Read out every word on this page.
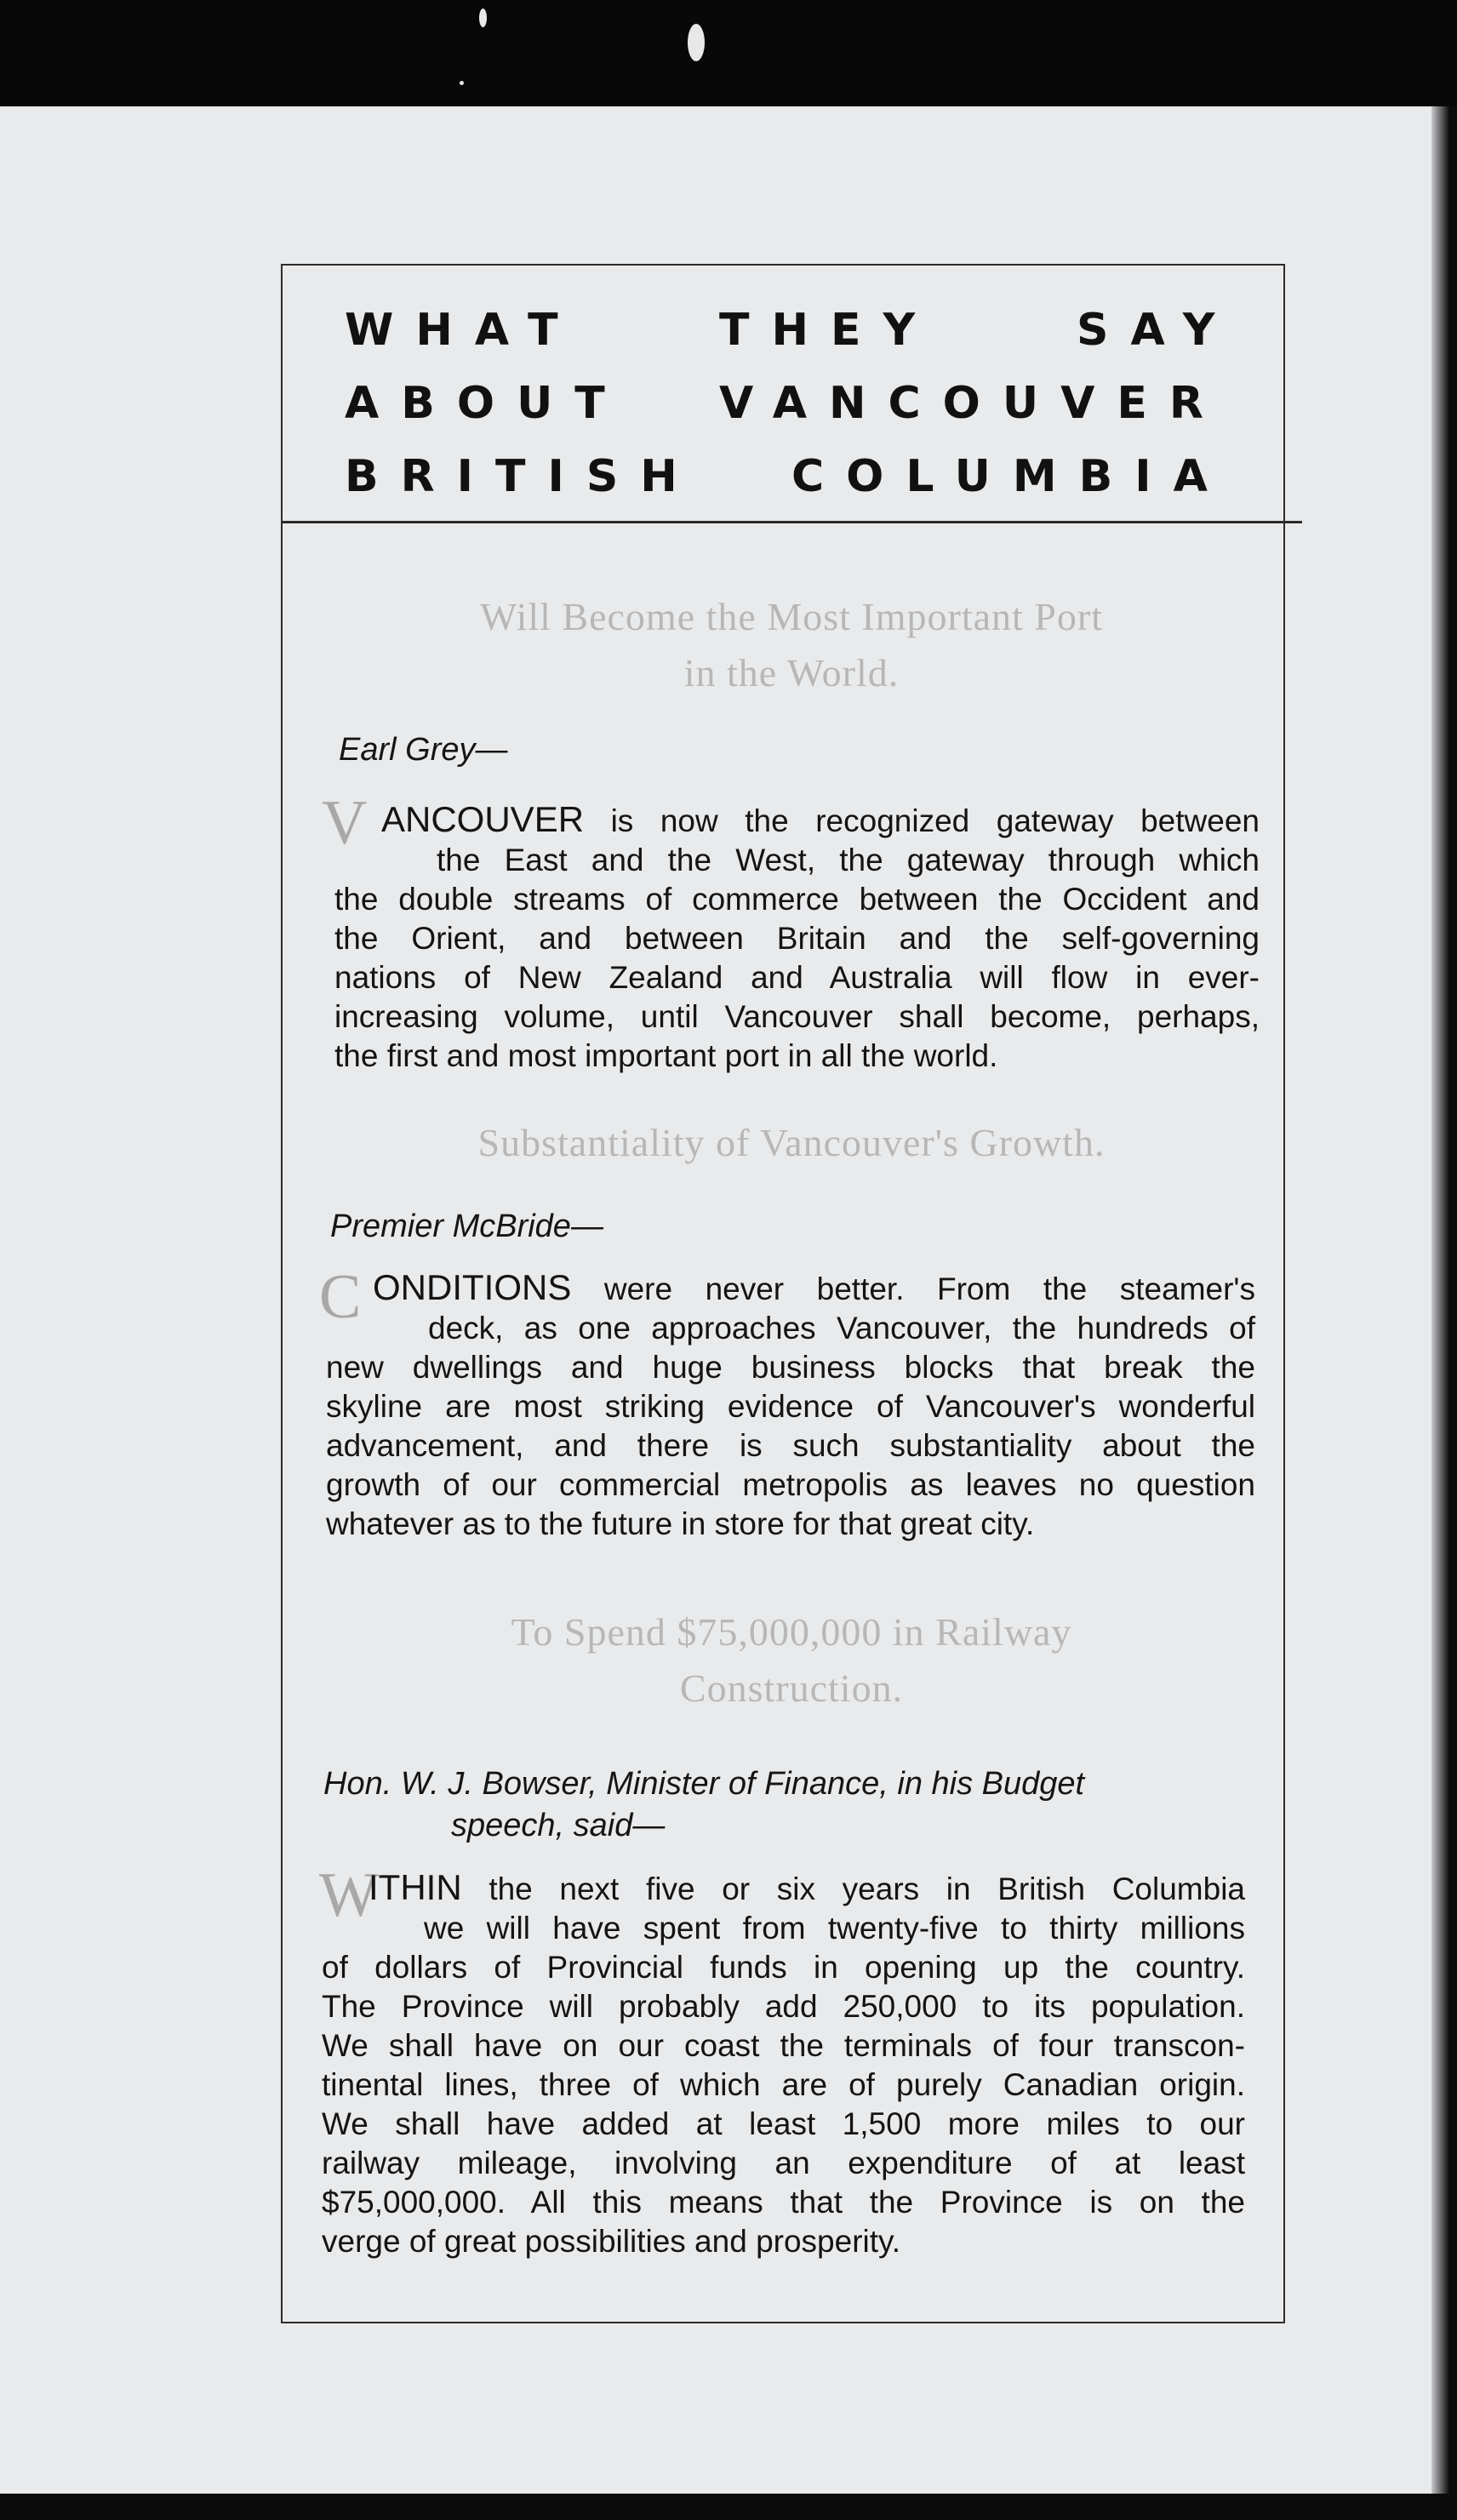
WHAT	THEY	SAY
ABOUT VANCOUVER
BRITISH COLUMBIA
Will Become the Most Important Port
in the World.
Earl Grey—
V ANCOUVER is now the recognized gateway between
the East and the West, the gateway through which
the double streams of commerce between the Occident and
the Orient, and between Britain and the self-governing
nations of New Zealand and Australia will flow in ever-
increasing volume, until Vancouver shall become, perhaps,
the first and most important port in all the world.
Substantiality of Vancouver's Growth.
Premier McBride—
C ONDITIONS were never better. From the steamer's
deck, as one approaches Vancouver, the hundreds of
new dwellings and huge business blocks that break the
skyline are most striking evidence of Vancouver's wonderful
advancement, and there is such substantiality about the
growth of our commercial metropolis as leaves no question
whatever as to the future in store for that great city.
To Spend $75,000,000 in Railway
Construction.
Hon. W. J. Bowser, Minister of Finance, in his Budget
speech, said—
W
ITHIN the next five or six years in British Columbia
we will have spent from twenty-five to thirty millions
of dollars of Provincial funds in opening up the country.
The Province will probably add 250,000 to its population.
We shall have on our coast the terminals of four transcon-
tinental lines, three of which are of purely Canadian origin.
We shall have added at least 1,500 more miles to our
railway mileage, involving an expenditure of at least
$75,000,000. All this means that the Province is on the
verge of great possibilities and prosperity.
